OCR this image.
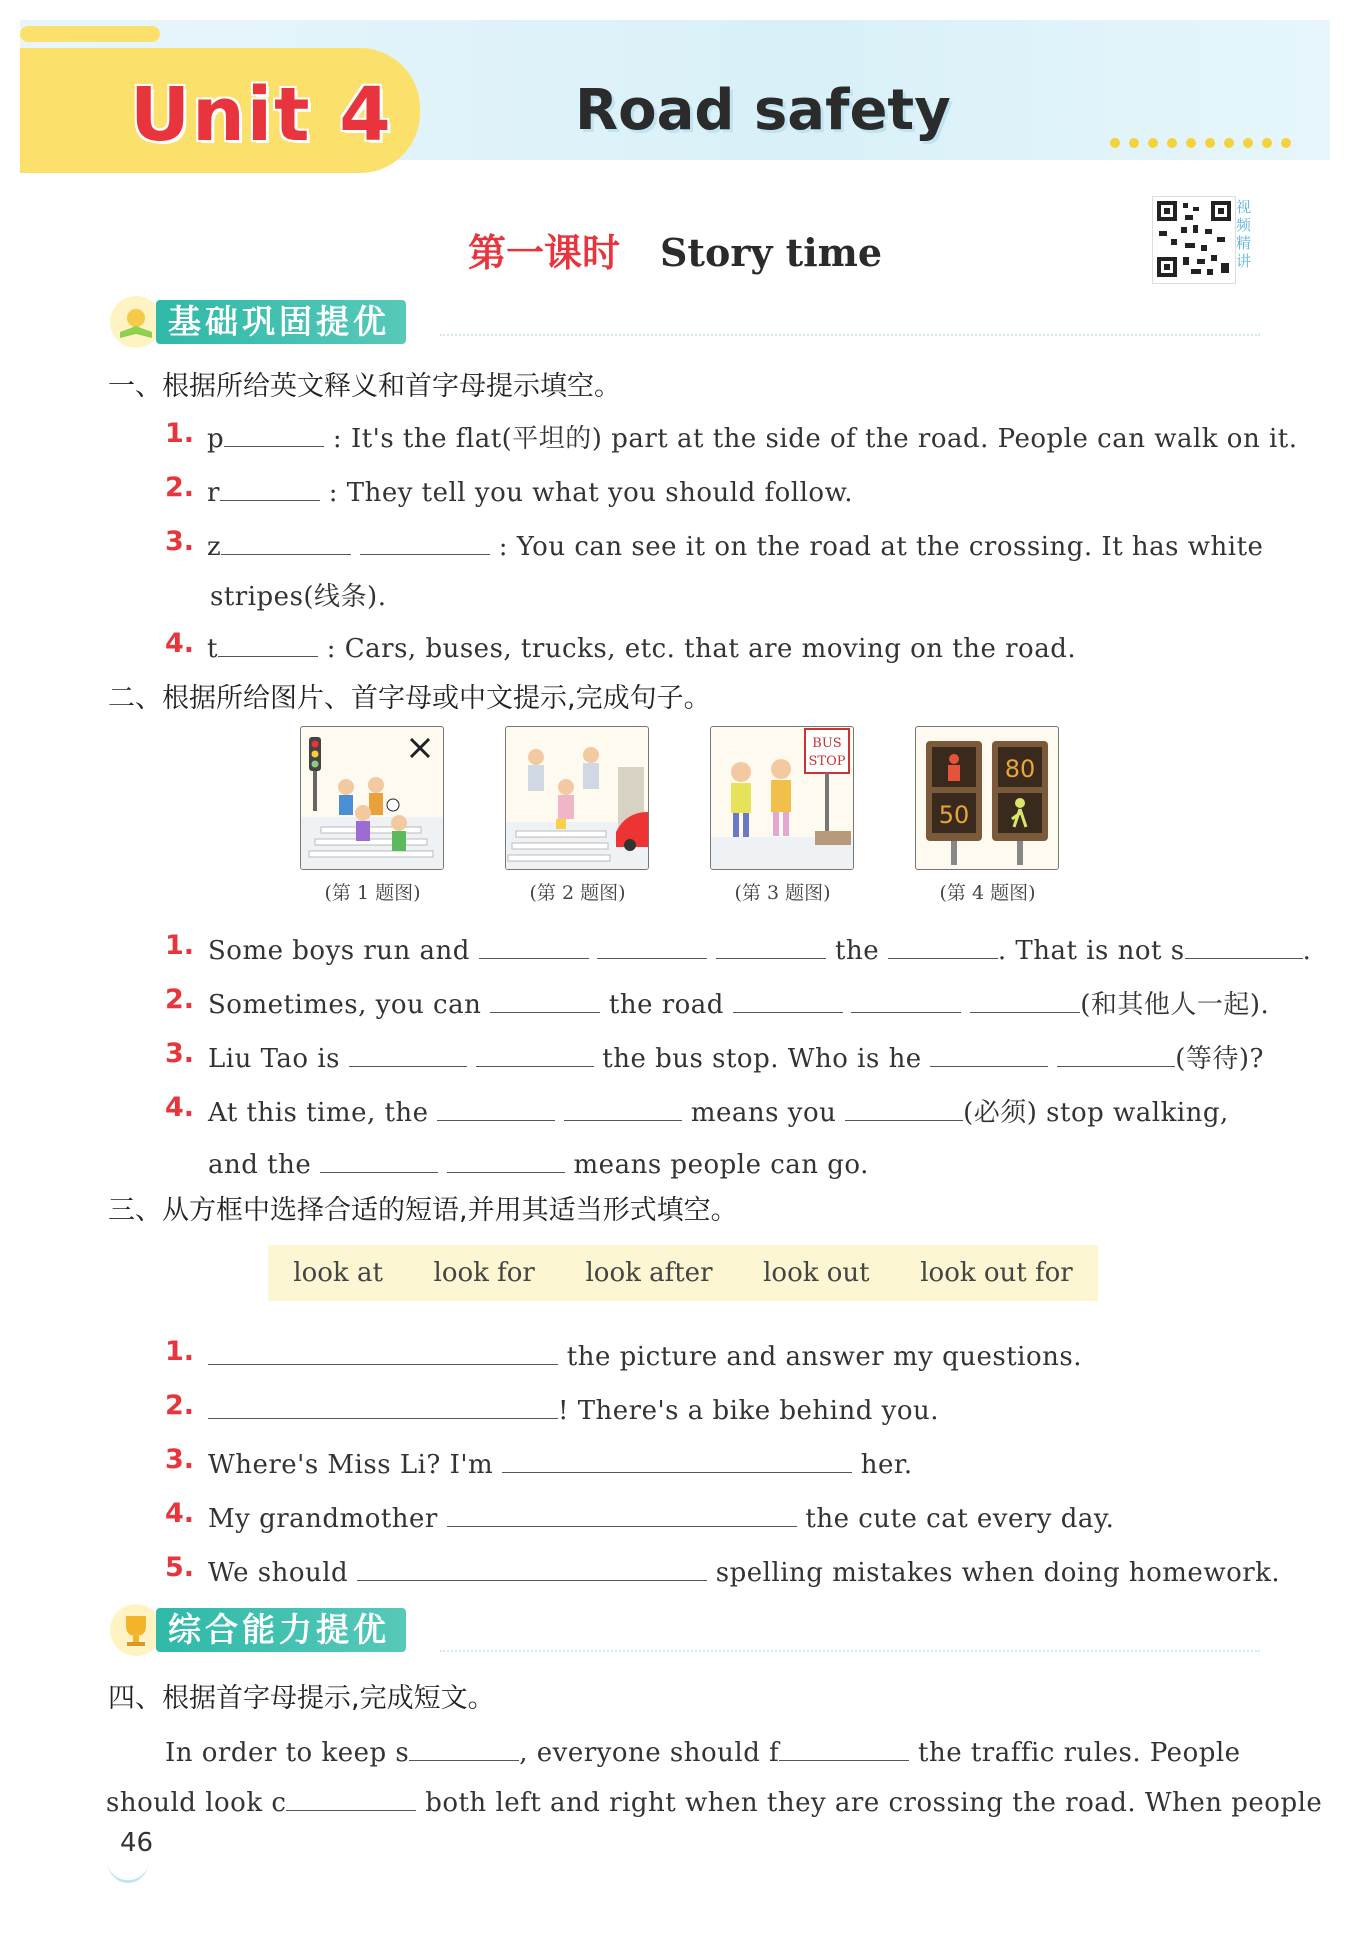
Unit 4	Road safety
第一课时 Story time
视频精讲
基础巩固提优
一、根据所给英文释义和首字母提示填空。
1. p	: It's the flat(平坦的) part at the side of the road. People can walk on it.
2. r	: They tell you what you should follow.
3. z	: You can see it on the road at the crossing. It has white
stripes(线条).
4. t	: Cars, buses, trucks, etc. that are moving on the road.
二、根据所给图片、首字母或中文提示,完成句子。
(第 1 题图)	(第 2 题图)
BUS
STOP
(第 3 题图)
50
80
(第 4 题图)
1. Some boys run and	the	. That is not s	.
2. Sometimes, you can	the road	(和其他人一起).
3. Liu Tao is	the bus stop. Who is he	(等待)?
4. At this time, the	means you	(必须) stop walking,
and the	means people can go.
三、从方框中选择合适的短语,并用其适当形式填空。
look at look for look after look out look out for
1.	the picture and answer my questions.
2.	! There's a bike behind you.
3. Where's Miss Li? I'm	her.
4. My grandmother	the cute cat every day.
5. We should	spelling mistakes when doing homework.
综合能力提优
四、根据首字母提示,完成短文。
In order to keep s	, everyone should f	the traffic rules. People
should look c	both left and right when they are crossing the road. When people
46
